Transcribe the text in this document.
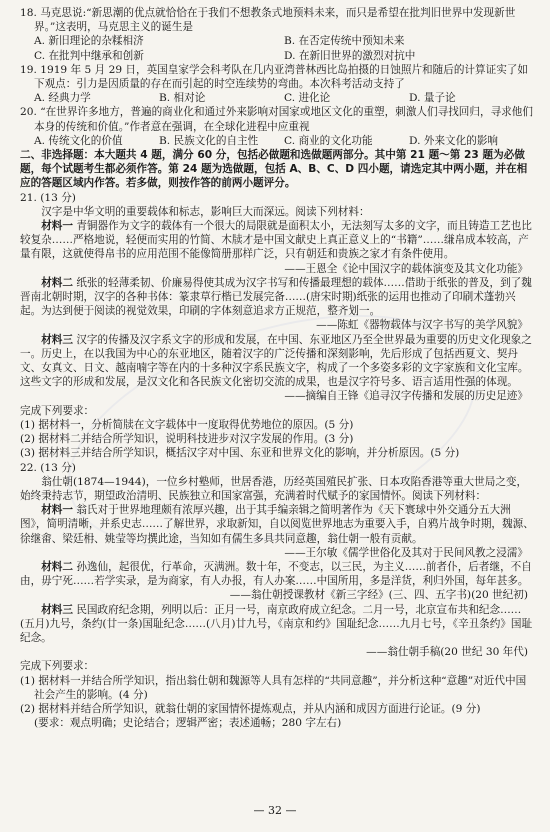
18. 马克思说:“新思潮的优点就恰恰在于我们不想教条式地预料未来，而只是希望在批判旧世界中发现新世界。”这表明，马克思主义的诞生是
A. 新旧理论的杂糅相济	B. 在否定传统中预知未来
C. 在批判中继承和创新	D. 在新旧世界的激烈对抗中
19. 1919 年 5 月 29 日，英国皇家学会科考队在几内亚湾普林西比岛拍摄的日蚀照片和随后的计算证实了如下观点：引力是因质量的存在而引起的时空连续势的弯曲。本次科考活动支持了
A. 经典力学	B. 相对论	C. 进化论	D. 量子论
20. “在世界许多地方，普遍的商业化和通过外来影响对国家或地区文化的重塑，刺激人们寻找回归，寻求他们本身的传统和价值。”作者意在强调，在全球化进程中应重视
A. 传统文化的价值	B. 民族文化的自主性	C. 商业的文化功能	D. 外来文化的影响
二、非选择题：本大题共 4 题，满分 60 分，包括必做题和选做题两部分。其中第 21 题～第 23 题为必做题，每个试题考生都必须作答。第 24 题为选做题，包括 A、B、C、D 四小题，请选定其中两小题，并在相应的答题区域内作答。若多做，则按作答的前两小题评分。
21. (13 分)
汉字是中华文明的重要载体和标志，影响巨大而深远。阅读下列材料：
材料一 青铜器作为文字的载体有一个很大的局限就是面积太小，无法刻写太多的文字，而且铸造工艺也比较复杂……严格地说，轻便而实用的竹简、木牍才是中国文献史上真正意义上的“书籍”……缣帛成本较高，产量有限，这就使得帛书的应用范围不能像简册那样广泛，只有朝廷和贵族之家才有条件使用。
——王恩全《论中国汉字的载体演变及其文化功能》
材料二 纸张的轻薄柔韧、价廉易得使其成为汉字书写和传播最理想的载体……借助于纸张的普及，到了魏晋南北朝时期，汉字的各种书体：篆隶草行楷已发展完备……(唐宋时期)纸张的运用也推动了印刷术蓬勃兴起。为达到便于阅读的视觉效果，印刷的字体刻意追求方正规范，整齐划一。
——陈虹《器物载体与汉字书写的美学风貌》
材料三 汉字的传播及汉字系文字的形成和发展，在中国、东亚地区乃至全世界最为重要的历史文化现象之一。历史上，在以我国为中心的东亚地区，随着汉字的广泛传播和深刻影响，先后形成了包括西夏文、契丹文、女真文、日文、越南喃字等在内的十多种汉字系民族文字，构成了一个多姿多彩的文字家族和文化宝库。这些文字的形成和发展，是汉文化和各民族文化密切交流的成果，也是汉字符号多、语言适用性强的体现。
——摘编自王锋《追寻汉字传播和发展的历史足迹》
完成下列要求：
(1) 据材料一，分析简牍在文字载体中一度取得优势地位的原因。(5 分)
(2) 据材料二并结合所学知识，说明科技进步对汉字发展的作用。(3 分)
(3) 据材料三并结合所学知识，概括汉字对中国、东亚和世界文化的影响，并分析原因。(5 分)
22. (13 分)
翁仕朝(1874—1944)，一位乡村塾师，世居香港，历经英国殖民扩张、日本攻陷香港等重大世局之变，始终秉持志节，期望政治清明、民族独立和国家富强，充满着时代赋予的家国情怀。阅读下列材料：
材料一 翁氏对于世界地理颇有浓厚兴趣，出于其手编亲辑之简明著作为《天下寰球中外交通分五大洲图》，简明清晰，并系史志……了解世界，求取新知，自以阅览世界地志为重要入手，自鸦片战争时期，魏源、徐继畬、梁廷枏、姚莹等均撰此途，当知如有儒生多具共同意趣，翁仕朝一般有贡献。
——王尔敏《儒学世俗化及其对于民间风教之浸濡》
材料二 孙逸仙，起很优，行革命，灭满洲。数十年，不变志，以三民，为主义……前者仆，后者继，不自由，毋宁死……若学实录，是为商家，有人办报，有人办案……中国所用，多是洋货，利归外国，每年甚多。
——翁仕朝授课教材《新三字经》(三、四、五字书)(20 世纪初)
材料三 民国政府纪念期，列明以后：正月一号，南京政府成立纪念。二月一号，北京宣布共和纪念……(五月)九号，条约(廿一条)国耻纪念……(八月)廿九号，《南京和约》国耻纪念……九月七号，《辛丑条约》国耻纪念。
——翁仕朝手稿(20 世纪 30 年代)
完成下列要求：
(1) 据材料一并结合所学知识，指出翁仕朝和魏源等人具有怎样的“共同意趣”，并分析这种“意趣”对近代中国社会产生的影响。(4 分)
(2) 据材料并结合所学知识，就翁仕朝的家国情怀提炼观点，并从内涵和成因方面进行论证。(9 分)
(要求：观点明确；史论结合；逻辑严密；表述通畅；280 字左右)
— 32 —
